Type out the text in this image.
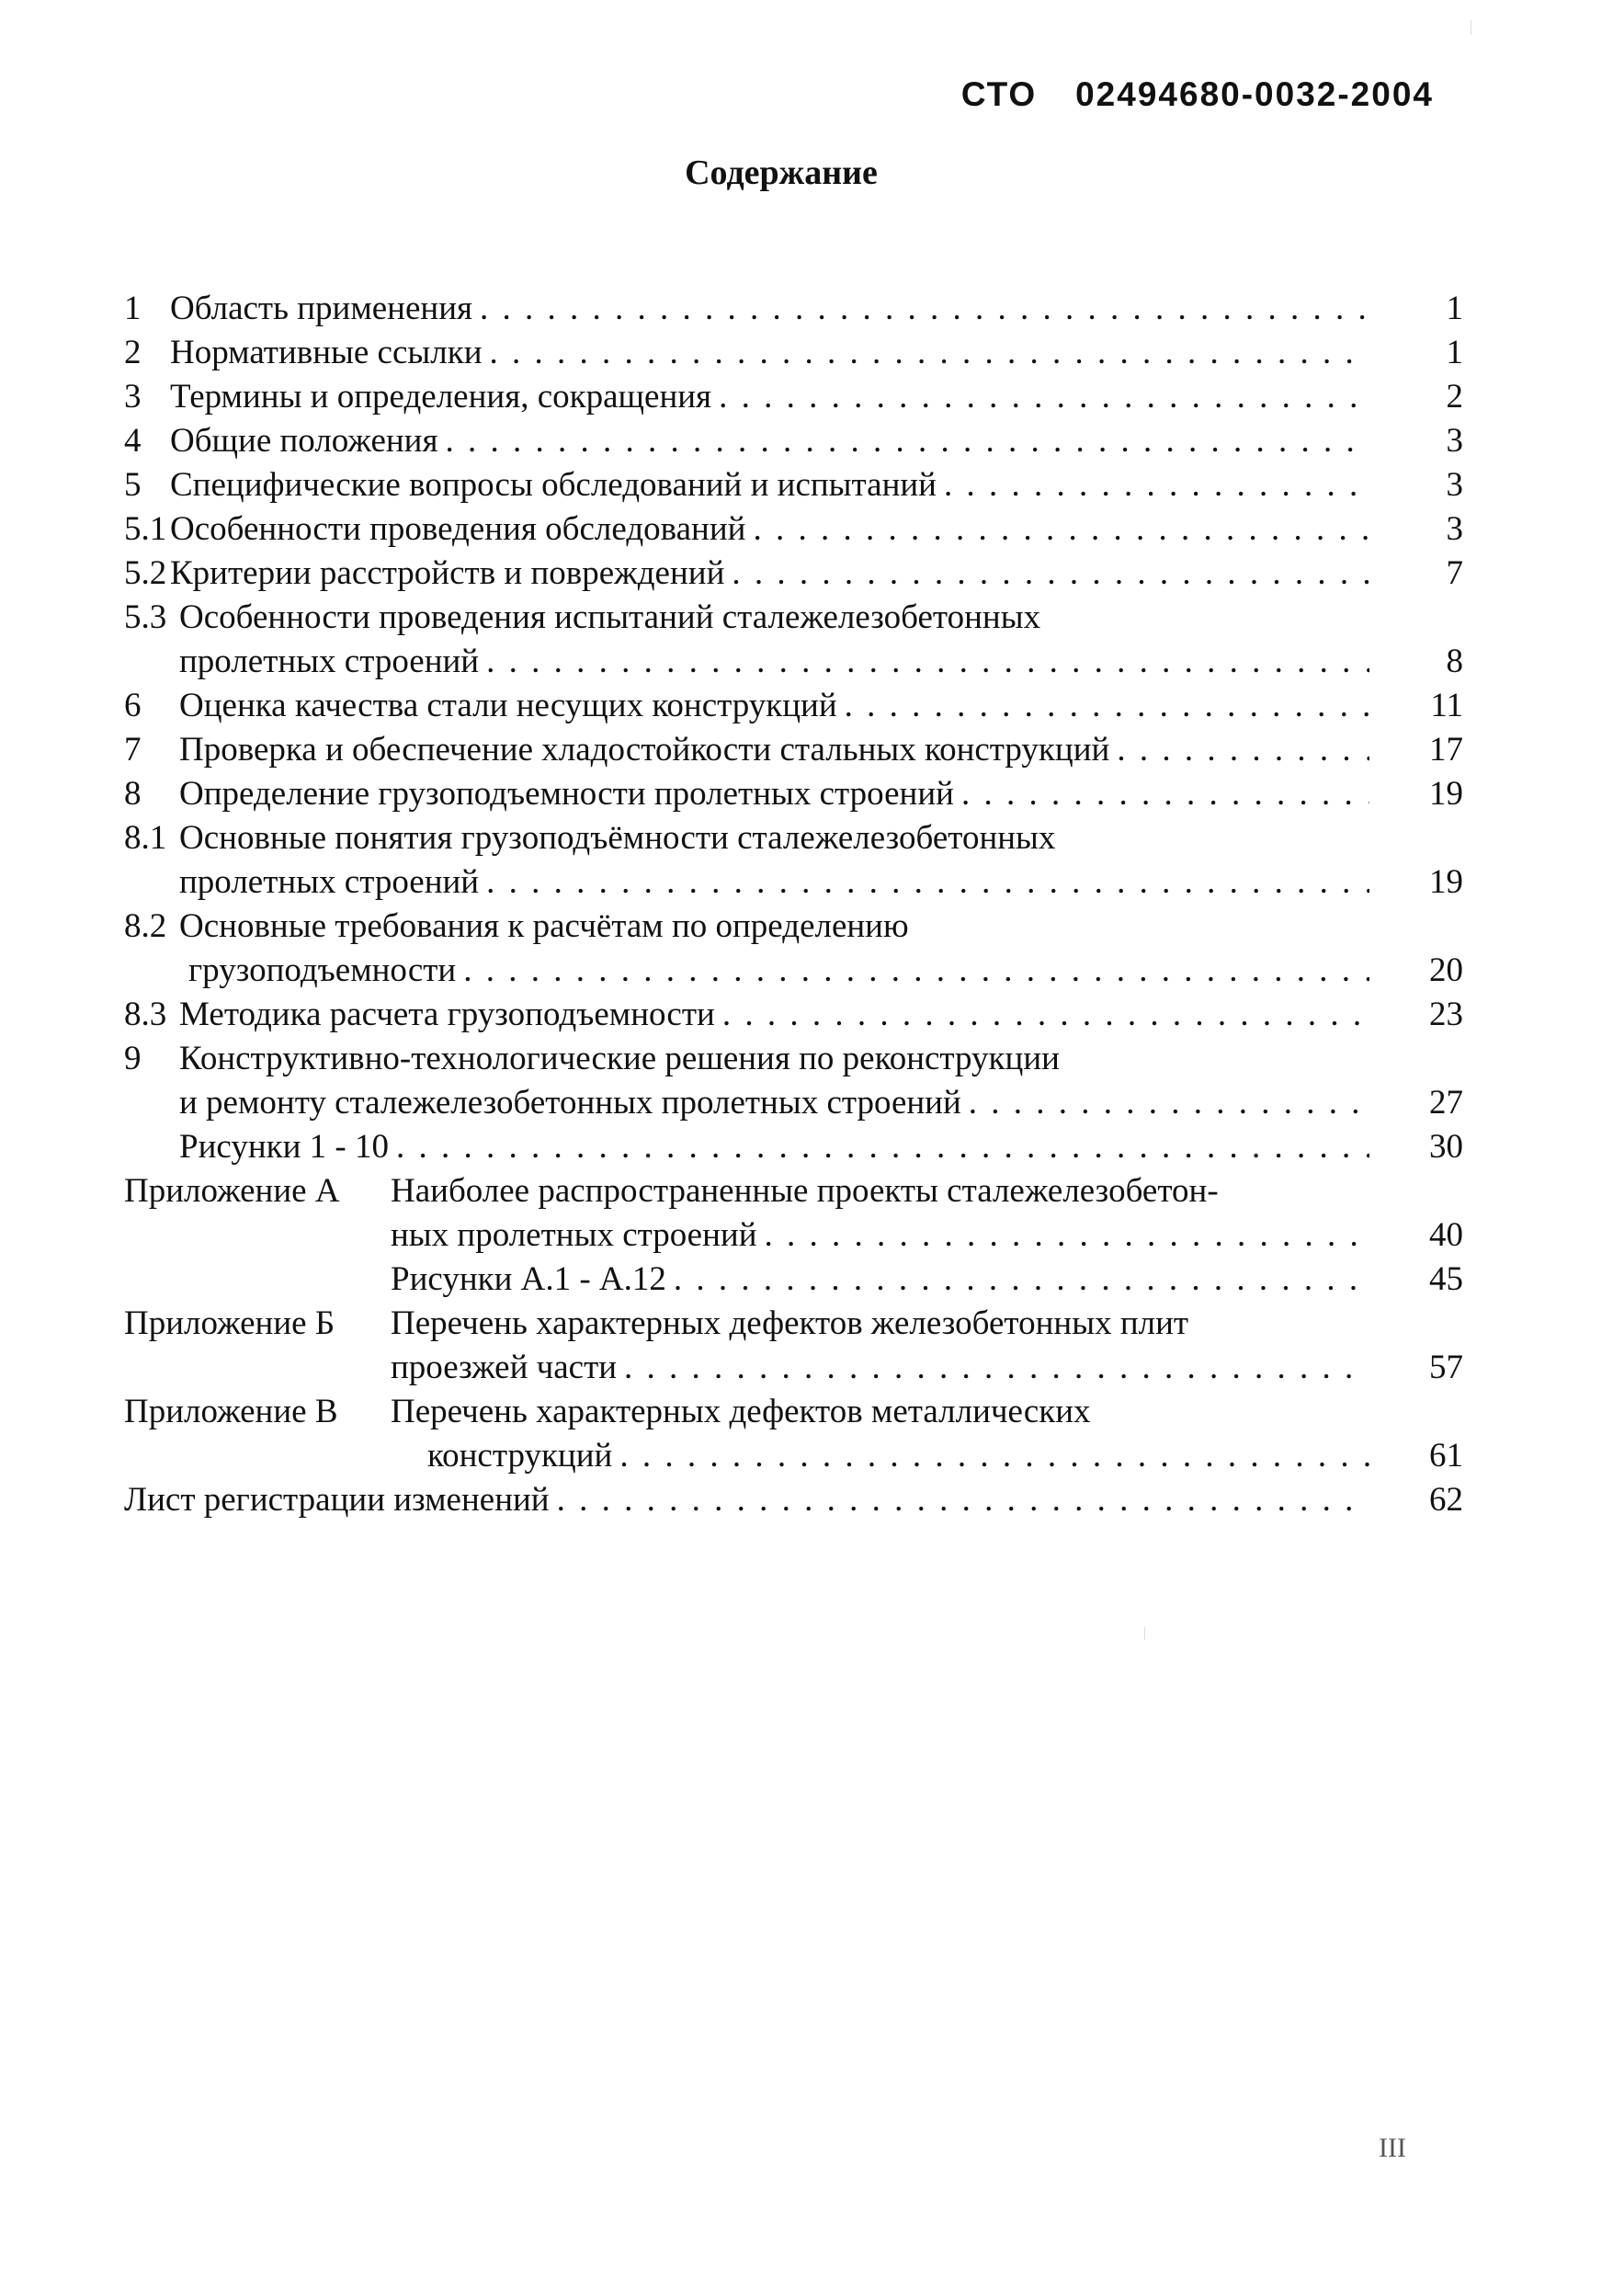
СТО 02494680-0032-2004
Содержание
1 Область применения . . .	1
2 Нормативные ссылки . . .	1
3 Термины и определения, сокращения . . .	2
4 Общие положения . . .	3
5 Специфические вопросы обследований и испытаний . . .	3
5.1 Особенности проведения обследований . . .	3
5.2 Критерии расстройств и повреждений . . .	7
5.3 Особенности проведения испытаний сталежелезобетонных
пролетных строений . . .	8
6 Оценка качества стали несущих конструкций . . .	11
7 Проверка и обеспечение хладостойкости стальных конструкций . . .	17
8 Определение грузоподъемности пролетных строений . . .	19
8.1 Основные понятия грузоподъёмности сталежелезобетонных
пролетных строений . . .	19
8.2 Основные требования к расчётам по определению
грузоподъемности . . .	20
8.3 Методика расчета грузоподъемности . . .	23
9 Конструктивно-технологические решения по реконструкции
и ремонту сталежелезобетонных пролетных строений . . .	27
Рисунки 1 - 10 . . .	30
Приложение А Наиболее распространенные проекты сталежелезобетон-
ных пролетных строений . . .	40
Рисунки А.1 - А.12 . . .	45
Приложение Б Перечень характерных дефектов железобетонных плит
проезжей части . . .	57
Приложение В Перечень характерных дефектов металлических
конструкций . . .	61
Лист регистрации изменений . . .	62
III
